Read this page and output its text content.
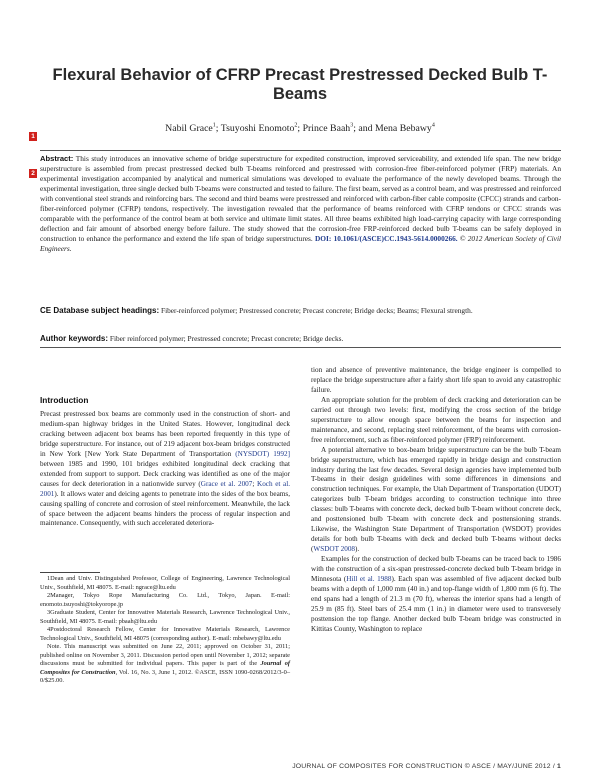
Flexural Behavior of CFRP Precast Prestressed Decked Bulb T-Beams
Nabil Grace$^1$; Tsuyoshi Enomoto$^2$; Prince Baah$^3$; and Mena Bebawy$^4$
1
2
Abstract: This study introduces an innovative scheme of bridge superstructure for expedited construction, improved serviceability, and extended life span. The new bridge superstructure is assembled from precast prestressed decked bulb T-beams reinforced and prestressed with corrosion-free fiber-reinforced polymer (FRP) materials. An experimental investigation accompanied by analytical and numerical simulations was developed to evaluate the performance of the newly developed beams. Through the experimental investigation, three single decked bulb T-beams were constructed and tested to failure. The first beam, served as a control beam, and was prestressed and reinforced with conventional steel strands and reinforcing bars. The second and third beams were prestressed and reinforced with carbon-fiber cable composite (CFCC) strands and carbon-fiber-reinforced polymer (CFRP) tendons, respectively. The investigation revealed that the performance of beams reinforced with CFRP tendons or CFCC strands was comparable with the performance of the control beam at both service and ultimate limit states. All three beams exhibited high load-carrying capacity with large corresponding deflection and fair amount of absorbed energy before failure. The study showed that the corrosion-free FRP-reinforced decked bulb T-beams can be safely deployed in construction to enhance the performance and extend the life span of bridge superstructures. DOI: 10.1061/(ASCE)CC.1943-5614.0000266. © 2012 American Society of Civil Engineers.
CE Database subject headings: Fiber-reinforced polymer; Prestressed concrete; Precast concrete; Bridge decks; Beams; Flexural strength.
Author keywords: Fiber reinforced polymer; Prestressed concrete; Precast concrete; Bridge decks.
Introduction

Precast prestressed box beams are commonly used in the construction of short- and medium-span highway bridges in the United States. However, longitudinal deck cracking between adjacent box beams has been reported frequently in this type of bridge superstructure. For instance, out of 219 adjacent box-beam bridges constructed in New York [New York State Department of Transportation (NYSDOT) 1992] between 1985 and 1990, 101 bridges exhibited longitudinal deck cracking that extended from support to support. Deck cracking was identified as one of the major causes for deck deterioration in a nationwide survey (Grace et al. 2007; Koch et al. 2001). It allows water and deicing agents to penetrate into the sides of the box beams, causing spalling of concrete and corrosion of steel reinforcement. Meanwhile, the lack of space between the adjacent beams hinders the process of regular inspection and maintenance. Consequently, with such accelerated deteriora-

1Dean and Univ. Distinguished Professor, College of Engineering, Lawrence Technological Univ., Southfield, MI 48075. E-mail: ngrace@ltu.edu

2Manager, Tokyo Rope Manufacturing Co. Ltd., Tokyo, Japan. E-mail: enomoto.tsuyoshi@tokyorope.jp

3Graduate Student, Center for Innovative Materials Research, Lawrence Technological Univ., Southfield, MI 48075. E-mail: pbaah@ltu.edu

4Postdoctoral Research Fellow, Center for Innovative Materials Research, Lawrence Technological Univ., Southfield, MI 48075 (corresponding author). E-mail: mbebawy@ltu.edu

Note. This manuscript was submitted on June 22, 2011; approved on October 31, 2011; published online on November 3, 2011. Discussion period open until November 1, 2012; separate discussions must be submitted for individual papers. This paper is part of the Journal of Composites for Construction, Vol. 16, No. 3, June 1, 2012. ©ASCE, ISSN 1090-0268/2012/3-0–0/$25.00.

tion and absence of preventive maintenance, the bridge engineer is compelled to replace the bridge superstructure after a fairly short life span to avoid any catastrophic failure.

An appropriate solution for the problem of deck cracking and deterioration can be carried out through two levels: first, modifying the cross section of the bridge superstructure to allow enough space between the beams for inspection and maintenance, and second, replacing steel reinforcement, of the beams with corrosion-free reinforcement, such as fiber-reinforced polymer (FRP) reinforcement.

A potential alternative to box-beam bridge superstructure can be the bulb T-beam bridge superstructure, which has emerged rapidly in bridge design and construction industry during the last few decades. Several design agencies have implemented bulb T-beams in their design guidelines with some differences in dimensions and construction techniques. For example, the Utah Department of Transportation (UDOT) categorizes bulb T-beam bridges according to construction technique into three classes: bulb T-beams with concrete deck, decked bulb T-beam without concrete deck, and posttensioned bulb T-beam with concrete deck and posttensioning strands. Likewise, the Washington State Department of Transportation (WSDOT) provides details for both bulb T-beams with deck and decked bulb T-beams without decks (WSDOT 2008).

Examples for the construction of decked bulb T-beams can be traced back to 1986 with the construction of a six-span prestressed-concrete decked bulb T-beam bridge in Minnesota (Hill et al. 1988). Each span was assembled of five adjacent decked bulb beams with a depth of 1,000 mm (40 in.) and top-flange width of 1,800 mm (6 ft). The end spans had a length of 21.3 m (70 ft), whereas the interior spans had a length of 25.9 m (85 ft). Steel bars of 25.4 mm (1 in.) in diameter were used to transversely posttension the top flange. Another decked bulb T-beam bridge was constructed in Kittitas County, Washington to replace

JOURNAL OF COMPOSITES FOR CONSTRUCTION © ASCE / MAY/JUNE 2012 / 1
